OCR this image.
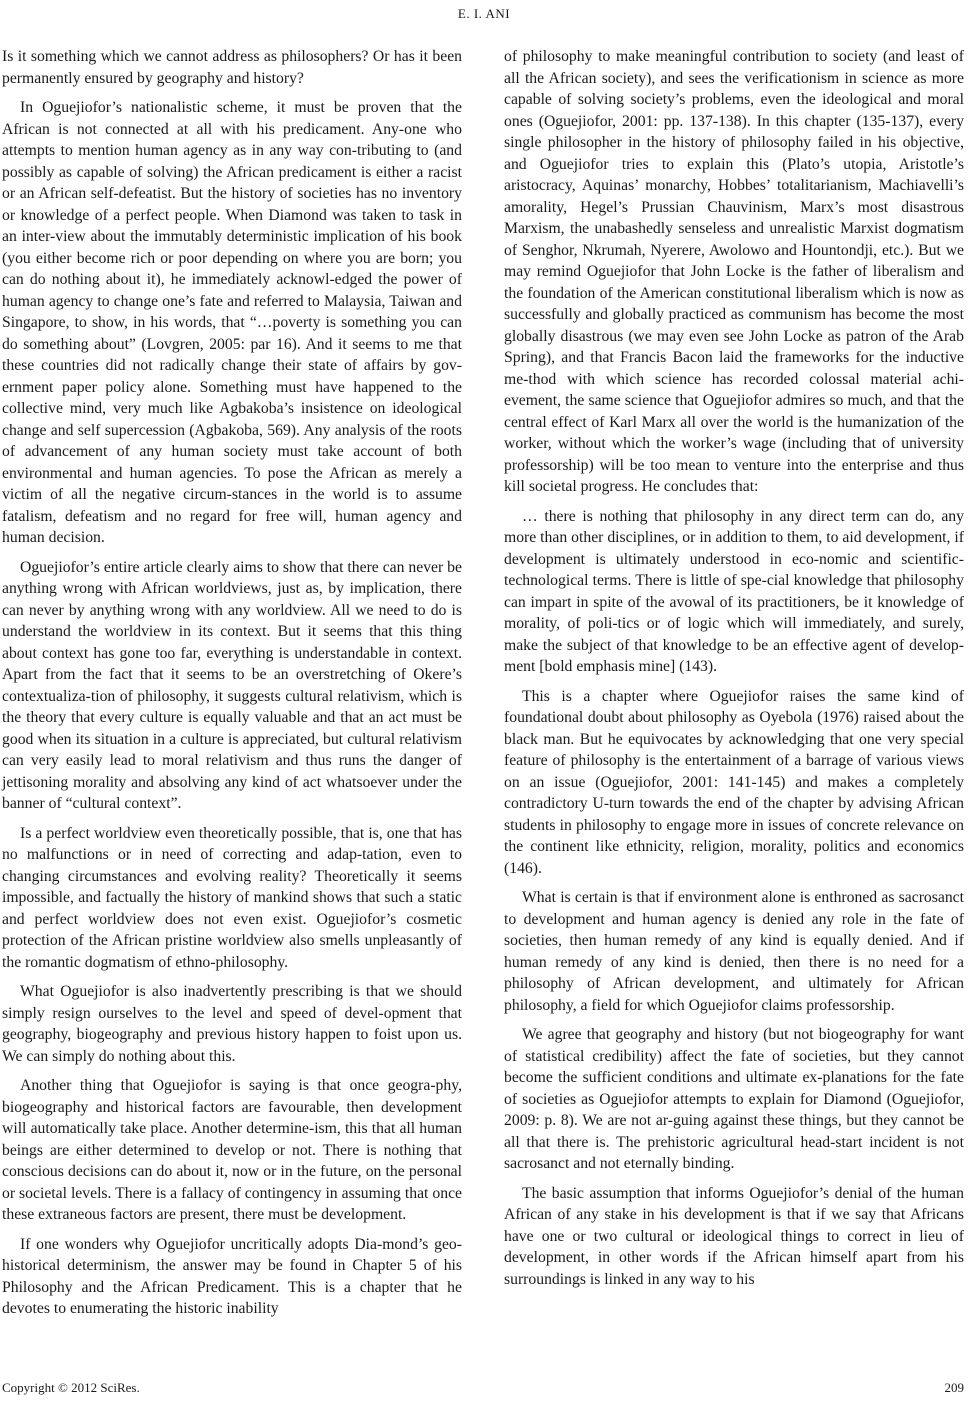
E. I. ANI

Is it something which we cannot address as philosophers? Or has it been permanently ensured by geography and history?

In Oguejiofor’s nationalistic scheme, it must be proven that the African is not connected at all with his predicament. Any-one who attempts to mention human agency as in any way con-tributing to (and possibly as capable of solving) the African predicament is either a racist or an African self-defeatist. But the history of societies has no inventory or knowledge of a perfect people. When Diamond was taken to task in an inter-view about the immutably deterministic implication of his book (you either become rich or poor depending on where you are born; you can do nothing about it), he immediately acknowl-edged the power of human agency to change one’s fate and referred to Malaysia, Taiwan and Singapore, to show, in his words, that “…poverty is something you can do something about” (Lovgren, 2005: par 16). And it seems to me that these countries did not radically change their state of affairs by gov-ernment paper policy alone. Something must have happened to the collective mind, very much like Agbakoba’s insistence on ideological change and self supercession (Agbakoba, 569). Any analysis of the roots of advancement of any human society must take account of both environmental and human agencies. To pose the African as merely a victim of all the negative circum-stances in the world is to assume fatalism, defeatism and no regard for free will, human agency and human decision.

Oguejiofor’s entire article clearly aims to show that there can never be anything wrong with African worldviews, just as, by implication, there can never by anything wrong with any worldview. All we need to do is understand the worldview in its context. But it seems that this thing about context has gone too far, everything is understandable in context. Apart from the fact that it seems to be an overstretching of Okere’s contextualiza-tion of philosophy, it suggests cultural relativism, which is the theory that every culture is equally valuable and that an act must be good when its situation in a culture is appreciated, but cultural relativism can very easily lead to moral relativism and thus runs the danger of jettisoning morality and absolving any kind of act whatsoever under the banner of “cultural context”.

Is a perfect worldview even theoretically possible, that is, one that has no malfunctions or in need of correcting and adap-tation, even to changing circumstances and evolving reality? Theoretically it seems impossible, and factually the history of mankind shows that such a static and perfect worldview does not even exist. Oguejiofor’s cosmetic protection of the African pristine worldview also smells unpleasantly of the romantic dogmatism of ethno-philosophy.

What Oguejiofor is also inadvertently prescribing is that we should simply resign ourselves to the level and speed of devel-opment that geography, biogeography and previous history happen to foist upon us. We can simply do nothing about this.

Another thing that Oguejiofor is saying is that once geogra-phy, biogeography and historical factors are favourable, then development will automatically take place. Another determine-ism, this that all human beings are either determined to develop or not. There is nothing that conscious decisions can do about it, now or in the future, on the personal or societal levels. There is a fallacy of contingency in assuming that once these extraneous factors are present, there must be development.

If one wonders why Oguejiofor uncritically adopts Dia-mond’s geo-historical determinism, the answer may be found in Chapter 5 of his Philosophy and the African Predicament. This is a chapter that he devotes to enumerating the historic inability

of philosophy to make meaningful contribution to society (and least of all the African society), and sees the verificationism in science as more capable of solving society’s problems, even the ideological and moral ones (Oguejiofor, 2001: pp. 137-138). In this chapter (135-137), every single philosopher in the history of philosophy failed in his objective, and Oguejiofor tries to explain this (Plato’s utopia, Aristotle’s aristocracy, Aquinas’ monarchy, Hobbes’ totalitarianism, Machiavelli’s amorality, Hegel’s Prussian Chauvinism, Marx’s most disastrous Marxism, the unabashedly senseless and unrealistic Marxist dogmatism of Senghor, Nkrumah, Nyerere, Awolowo and Hountondji, etc.). But we may remind Oguejiofor that John Locke is the father of liberalism and the foundation of the American constitutional liberalism which is now as successfully and globally practiced as communism has become the most globally disastrous (we may even see John Locke as patron of the Arab Spring), and that Francis Bacon laid the frameworks for the inductive me-thod with which science has recorded colossal material achi-evement, the same science that Oguejiofor admires so much, and that the central effect of Karl Marx all over the world is the humanization of the worker, without which the worker’s wage (including that of university professorship) will be too mean to venture into the enterprise and thus kill societal progress. He concludes that:

… there is nothing that philosophy in any direct term can do, any more than other disciplines, or in addition to them, to aid development, if development is ultimately understood in eco-nomic and scientific-technological terms. There is little of spe-cial knowledge that philosophy can impart in spite of the avowal of its practitioners, be it knowledge of morality, of poli-tics or of logic which will immediately, and surely, make the subject of that knowledge to be an effective agent of develop-ment [bold emphasis mine] (143).

This is a chapter where Oguejiofor raises the same kind of foundational doubt about philosophy as Oyebola (1976) raised about the black man. But he equivocates by acknowledging that one very special feature of philosophy is the entertainment of a barrage of various views on an issue (Oguejiofor, 2001: 141-145) and makes a completely contradictory U-turn towards the end of the chapter by advising African students in philosophy to engage more in issues of concrete relevance on the continent like ethnicity, religion, morality, politics and economics (146).

What is certain is that if environment alone is enthroned as sacrosanct to development and human agency is denied any role in the fate of societies, then human remedy of any kind is equally denied. And if human remedy of any kind is denied, then there is no need for a philosophy of African development, and ultimately for African philosophy, a field for which Oguejiofor claims professorship.

We agree that geography and history (but not biogeography for want of statistical credibility) affect the fate of societies, but they cannot become the sufficient conditions and ultimate ex-planations for the fate of societies as Oguejiofor attempts to explain for Diamond (Oguejiofor, 2009: p. 8). We are not ar-guing against these things, but they cannot be all that there is. The prehistoric agricultural head-start incident is not sacrosanct and not eternally binding.

The basic assumption that informs Oguejiofor’s denial of the human African of any stake in his development is that if we say that Africans have one or two cultural or ideological things to correct in lieu of development, in other words if the African himself apart from his surroundings is linked in any way to his

Copyright © 2012 SciRes.	209
